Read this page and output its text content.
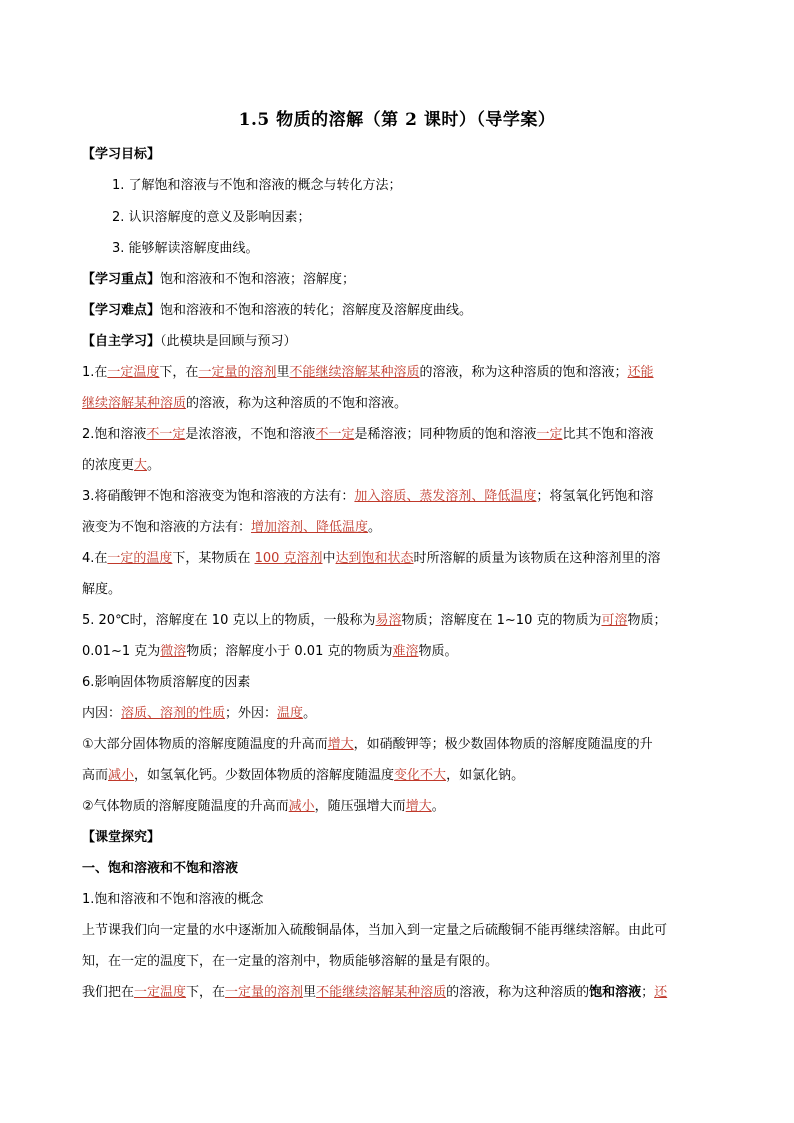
1.5 物质的溶解（第 2 课时）（导学案）
【学习目标】
1. 了解饱和溶液与不饱和溶液的概念与转化方法；
2. 认识溶解度的意义及影响因素；
3. 能够解读溶解度曲线。
【学习重点】饱和溶液和不饱和溶液；溶解度；
【学习难点】饱和溶液和不饱和溶液的转化；溶解度及溶解度曲线。
【自主学习】（此模块是回顾与预习）
1.在一定温度下，在一定量的溶剂里不能继续溶解某种溶质的溶液，称为这种溶质的饱和溶液；还能
继续溶解某种溶质的溶液，称为这种溶质的不饱和溶液。
2.饱和溶液不一定是浓溶液，不饱和溶液不一定是稀溶液；同种物质的饱和溶液一定比其不饱和溶液
的浓度更大。
3.将硝酸钾不饱和溶液变为饱和溶液的方法有：加入溶质、蒸发溶剂、降低温度；将氢氧化钙饱和溶
液变为不饱和溶液的方法有：增加溶剂、降低温度。
4.在一定的温度下，某物质在 100 克溶剂中达到饱和状态时所溶解的质量为该物质在这种溶剂里的溶
解度。
5. 20℃时，溶解度在 10 克以上的物质，一般称为易溶物质；溶解度在 1~10 克的物质为可溶物质；
0.01~1 克为微溶物质；溶解度小于 0.01 克的物质为难溶物质。
6.影响固体物质溶解度的因素
内因：溶质、溶剂的性质；外因：温度。
①大部分固体物质的溶解度随温度的升高而增大，如硝酸钾等；极少数固体物质的溶解度随温度的升
高而减小，如氢氧化钙。少数固体物质的溶解度随温度变化不大，如氯化钠。
②气体物质的溶解度随温度的升高而减小，随压强增大而增大。
【课堂探究】
一、饱和溶液和不饱和溶液
1.饱和溶液和不饱和溶液的概念
上节课我们向一定量的水中逐渐加入硫酸铜晶体，当加入到一定量之后硫酸铜不能再继续溶解。由此可
知，在一定的温度下，在一定量的溶剂中，物质能够溶解的量是有限的。
我们把在一定温度下，在一定量的溶剂里不能继续溶解某种溶质的溶液，称为这种溶质的饱和溶液；还
